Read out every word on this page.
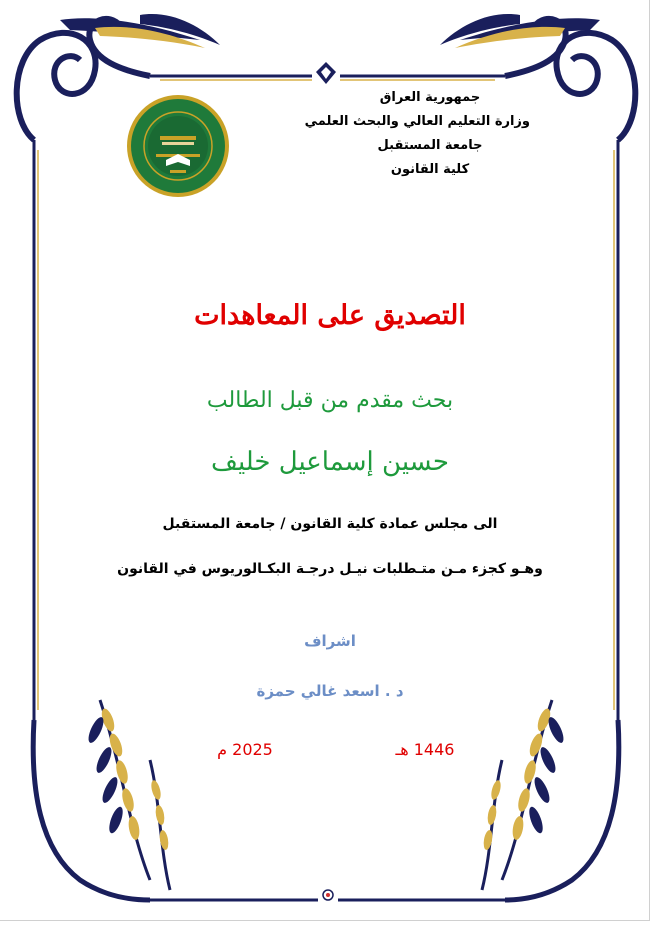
جمهورية العراق
وزارة التعليم العالي والبحث العلمي
جامعة المستقبل
كلية القانون
التصديق على المعاهدات
بحث مقدم من قبل الطالب
حسين إسماعيل خليف
الى مجلس عمادة كلية القانون / جامعة المستقبل
وهـو كجزء مـن متـطلبات نيـل درجـة البكـالوريوس في القانون
اشراف
د . اسعد غالي حمزة
1446 هـ
2025 م
